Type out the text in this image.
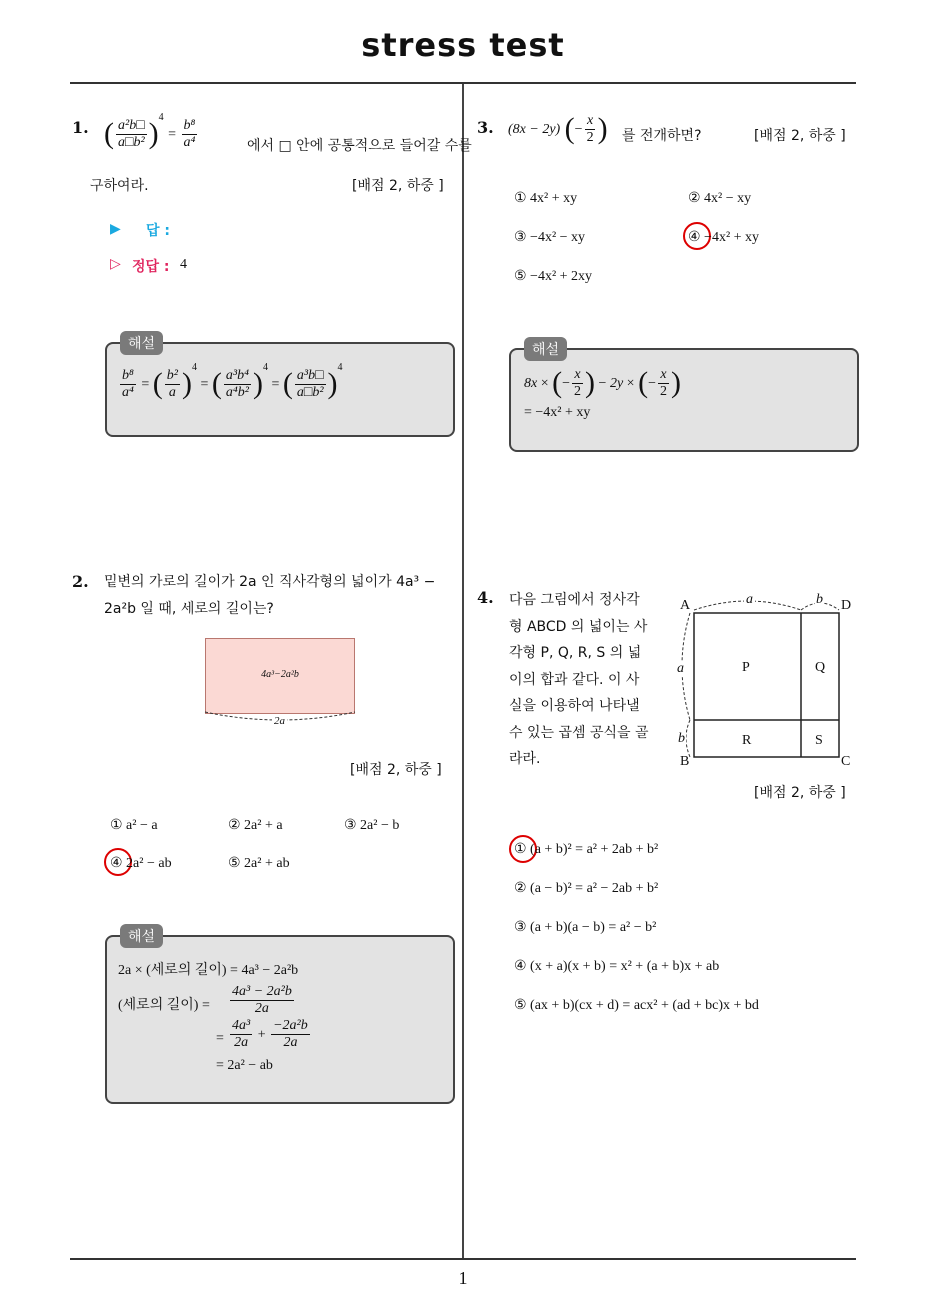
stress test
1
1. ( $\frac{\text{a²b□}}{\text{a□b²}} )^4 = \frac{\text{b⁸}}{\text{a⁴}}$	에서 □ 안에 공통적으로 들어갈 수를
구하여라.	[배점 2, 하중 ]
▶ 답 :
▷ 정답 : 4
해설
$\frac{\text{b⁸}}{\text{a⁴}}$ = ( $\frac{\text{b²}}{a} )^4$ = ( $\frac{\text{a³b⁴}}{\text{a⁴b²}} )^4$ = ( $\frac{\text{a³b□}}{\text{a□b²}} )^4$
2. 밑변의 가로의 길이가 2a 인 직사각형의 넓이가 4a³ −
2a²b 일 때, 세로의 길이는?
4a³−2a²b
2a
[배점 2, 하중 ]
① a² − a	② 2a² + a	③ 2a² − b
④ 2a² − ab	⑤ 2a² + ab
해설
2a × (세로의 길이) = 4a³ − 2a²b
(세로의 길이) = $\frac{\text{4a³ − 2a²b}}{2a}$
= $\frac{\text{4a³}}{2a} + \frac{\text{−2a²b}}{2a}$
= 2a² − ab
3. (8x − 2y) (− $\frac{x}{2}$ ) 를 전개하면?	[배점 2, 하중 ]
① 4x² + xy	② 4x² − xy
③ −4x² − xy	④ −4x² + xy
⑤ −4x² + 2xy
해설
8x × (− $\frac{x}{2}$ ) − 2y × (− $\frac{x}{2}$ )
= −4x² + xy
4. 다음 그림에서 정사각
형 ABCD 의 넓이는 사
각형 P, Q, R, S 의 넓
이의 합과 같다. 이 사
실을 이용하여 나타낼
수 있는 곱셈 공식을 골
라라.
A	D
B	C
a	b
a
b
P	Q
R	S
[배점 2, 하중 ]
① (a + b)² = a² + 2ab + b²
② (a − b)² = a² − 2ab + b²
③ (a + b)(a − b) = a² − b²
④ (x + a)(x + b) = x² + (a + b)x + ab
⑤ (ax + b)(cx + d) = acx² + (ad + bc)x + bd
